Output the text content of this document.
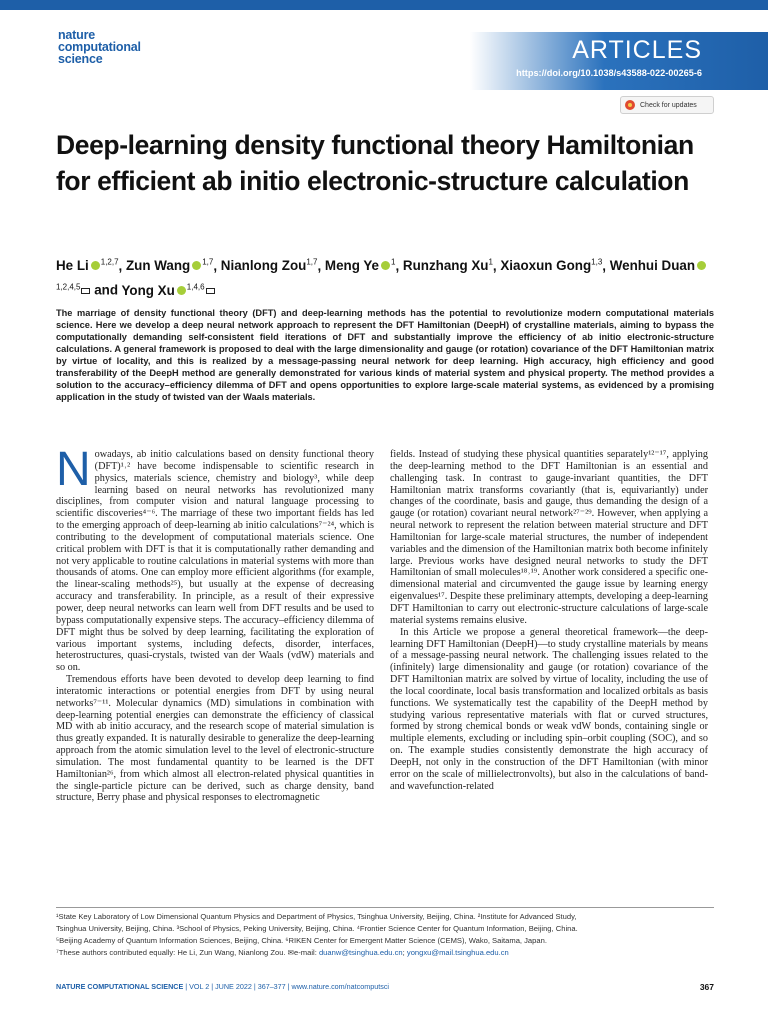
nature
computational
science	ARTICLES
https://doi.org/10.1038/s43588-022-00265-6
Check for updates
Deep-learning density functional theory Hamiltonian for efficient ab initio electronic-structure calculation
He Li $^{1,2,7}$, Zun Wang $^{1,7}$, Nianlong Zou$^{1,7}$, Meng Ye $^1$, Runzhang Xu$^1$, Xiaoxun Gong$^{1,3}$, Wenhui Duan$^{1,2,4,5}$ and Yong Xu $^{1,4,6}$

The marriage of density functional theory (DFT) and deep-learning methods has the potential to revolutionize modern computational materials science. Here we develop a deep neural network approach to represent the DFT Hamiltonian (DeepH) of crystalline materials, aiming to bypass the computationally demanding self-consistent field iterations of DFT and substantially improve the efficiency of ab initio electronic-structure calculations. A general framework is proposed to deal with the large dimensionality and gauge (or rotation) covariance of the DFT Hamiltonian matrix by virtue of locality, and this is realized by a message-passing neural network for deep learning. High accuracy, high efficiency and good transferability of the DeepH method are generally demonstrated for various kinds of material system and physical property. The method provides a solution to the accuracy–efficiency dilemma of DFT and opens opportunities to explore large-scale material systems, as evidenced by a promising application in the study of twisted van der Waals materials.

Nowadays, ab initio calculations based on density functional theory (DFT)¹˒² have become indispensable to scientific research in physics, materials science, chemistry and biology³, while deep learning based on neural networks has revolutionized many disciplines, from computer vision and natural language processing to scientific discoveries⁴⁻⁶. The marriage of these two important fields has led to the emerging approach of deep-learning ab initio calculations⁷⁻²⁴, which is contributing to the development of computational materials science. One critical problem with DFT is that it is computationally rather demanding and not very applicable to routine calculations in material systems with more than thousands of atoms. One can employ more efficient algorithms (for example, the linear-scaling methods²⁵), but usually at the expense of decreasing accuracy and transferability. In principle, as a result of their expressive power, deep neural networks can learn well from DFT results and be used to bypass computationally expensive steps. The accuracy–efficiency dilemma of DFT might thus be solved by deep learning, facilitating the exploration of various important systems, including defects, disorder, interfaces, heterostructures, quasi-crystals, twisted van der Waals (vdW) materials and so on.

Tremendous efforts have been devoted to develop deep learning to find interatomic interactions or potential energies from DFT by using neural networks⁷⁻¹¹. Molecular dynamics (MD) simulations in combination with deep-learning potential energies can demonstrate the efficiency of classical MD with ab initio accuracy, and the research scope of material simulation is thus greatly expanded. It is naturally desirable to generalize the deep-learning approach from the atomic simulation level to the level of electronic-structure simulation. The most fundamental quantity to be learned is the DFT Hamiltonian²⁶, from which almost all electron-related physical quantities in the single-particle picture can be derived, such as charge density, band structure, Berry phase and physical responses to electromagnetic

fields. Instead of studying these physical quantities separately¹²⁻¹⁷, applying the deep-learning method to the DFT Hamiltonian is an essential and challenging task. In contrast to gauge-invariant quantities, the DFT Hamiltonian matrix transforms covariantly (that is, equivariantly) under changes of the coordinate, basis and gauge, thus demanding the design of a gauge (or rotation) covariant neural network²⁷⁻²⁹. However, when applying a neural network to represent the relation between material structure and DFT Hamiltonian for large-scale material structures, the number of independent variables and the dimension of the Hamiltonian matrix both become infinitely large. Previous works have designed neural networks to study the DFT Hamiltonian of small molecules¹⁸˒¹⁹. Another work considered a specific one-dimensional material and circumvented the gauge issue by learning energy eigenvalues¹⁷. Despite these preliminary attempts, developing a deep-learning DFT Hamiltonian to carry out electronic-structure calculations of large-scale material systems remains elusive.

In this Article we propose a general theoretical framework—the deep-learning DFT Hamiltonian (DeepH)—to study crystalline materials by means of a message-passing neural network. The challenging issues related to the (infinitely) large dimensionality and gauge (or rotation) covariance of the DFT Hamiltonian matrix are solved by virtue of locality, including the use of the local coordinate, local basis transformation and localized orbitals as basis functions. We systematically test the capability of the DeepH method by studying various representative materials with flat or curved structures, formed by strong chemical bonds or weak vdW bonds, containing single or multiple elements, excluding or including spin–orbit coupling (SOC), and so on. The example studies consistently demonstrate the high accuracy of DeepH, not only in the construction of the DFT Hamiltonian (with minor error on the scale of millielectronvolts), but also in the calculations of band- and wavefunction-related

¹State Key Laboratory of Low Dimensional Quantum Physics and Department of Physics, Tsinghua University, Beijing, China. ²Institute for Advanced Study,
Tsinghua University, Beijing, China. ³School of Physics, Peking University, Beijing, China. ⁴Frontier Science Center for Quantum Information, Beijing, China.
⁵Beijing Academy of Quantum Information Sciences, Beijing, China. ⁶RIKEN Center for Emergent Matter Science (CEMS), Wako, Saitama, Japan.
⁷These authors contributed equally: He Li, Zun Wang, Nianlong Zou. ✉e-mail: duanw@tsinghua.edu.cn; yongxu@mail.tsinghua.edu.cn
NATURE COMPUTATIONAL SCIENCE | VOL 2 | JUNE 2022 | 367–377 | www.nature.com/natcomputsci	367
